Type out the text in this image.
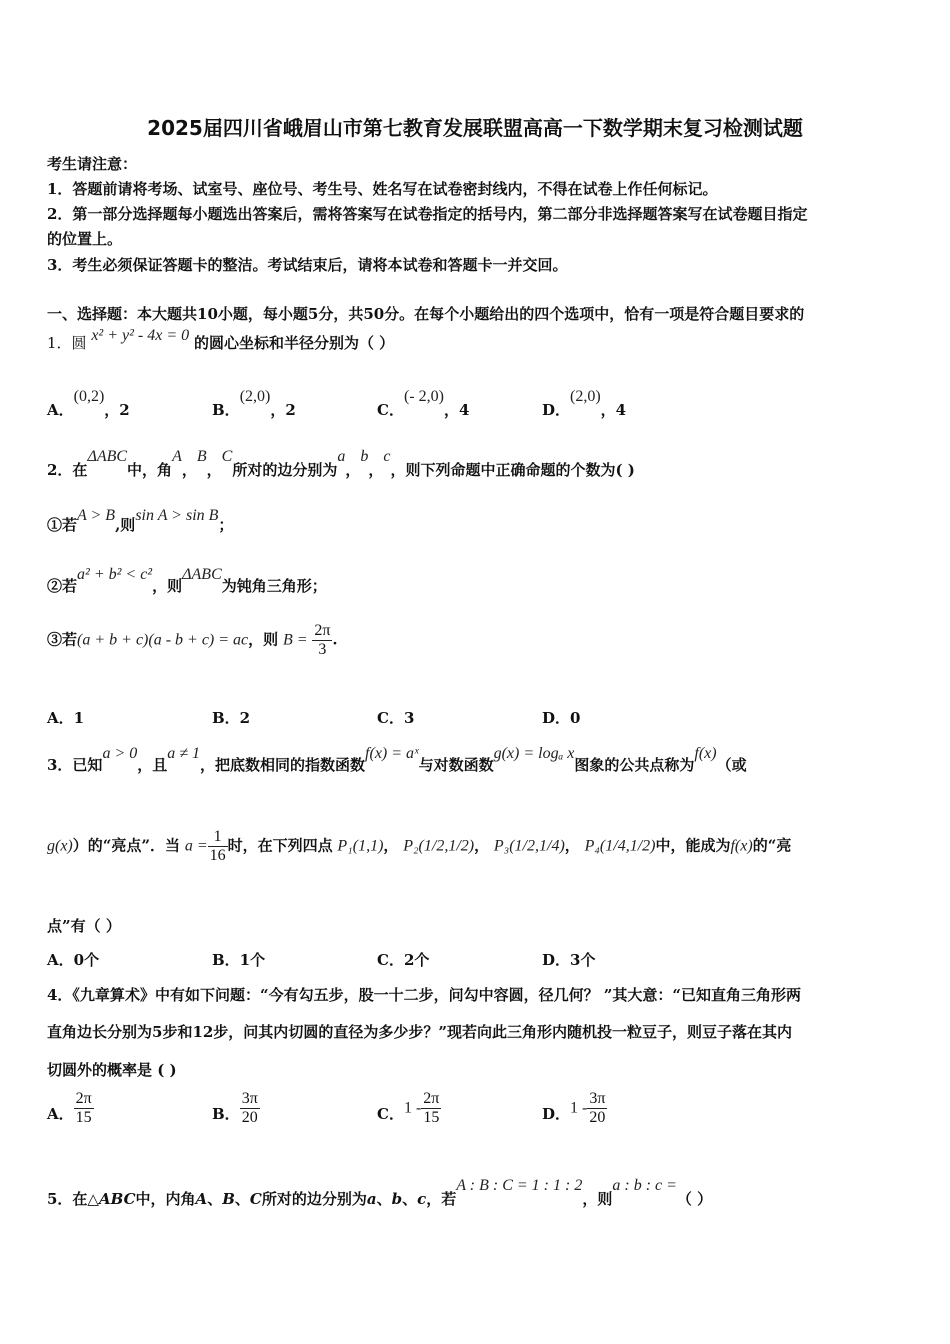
2025届四川省峨眉山市第七教育发展联盟高高一下数学期末复习检测试题
考生请注意：
1．答题前请将考场、试室号、座位号、考生号、姓名写在试卷密封线内，不得在试卷上作任何标记。
2．第一部分选择题每小题选出答案后，需将答案写在试卷指定的括号内，第二部分非选择题答案写在试卷题目指定
的位置上。
3．考生必须保证答题卡的整洁。考试结束后，请将本试卷和答题卡一并交回。
一、选择题：本大题共10小题，每小题5分，共50分。在每个小题给出的四个选项中，恰有一项是符合题目要求的
1．圆 x² + y² - 4x = 0 的圆心坐标和半径分别为（ ）
A．(0,2)，2	B．(2,0)，2	C．(- 2,0)，4	D．(2,0)，4
2．在ΔABC中，角A，B，C所对的边分别为a，b，c，则下列命题中正确命题的个数为( )
①若A > B,则sin A > sin B；
②若a² + b² < c²，则ΔABC为钝角三角形；
③若(a + b + c)(a - b + c) = ac，则 $B = \frac{2\pi}{3}$ .
A．1	B．2	C．3	D．0
3．已知a > 0，且a ≠ 1，把底数相同的指数函数f(x) = aˣ与对数函数g(x) = logₐ x图象的公共点称为f(x)（或
g(x)）的“亮点”．当 $a = \frac{1}{16}$ 时，在下列四点 P₁(1,1)， P₂(1/2,1/2)， P₃(1/2,1/4)， P₄(1/4,1/2)中，能成为f(x)的“亮
点”有（ ）
A．0个	B．1个	C．2个	D．3个
4．《九章算术》中有如下问题：“今有勾五步，股一十二步，问勾中容圆，径几何？ ”其大意：“已知直角三角形两
直角边长分别为5步和12步，问其内切圆的直径为多少步？”现若向此三角形内随机投一粒豆子，则豆子落在其内
切圆外的概率是 ( )
A． $\frac{2\pi}{15}$	B． $\frac{3\pi}{20}$	C．$1 - \frac{2\pi}{15}$	D．$1 - \frac{3\pi}{20}$
5．在△ABC中，内角A、B、C所对的边分别为a、b、c，若A : B : C = 1 : 1 : 2，则a : b : c =（ ）
